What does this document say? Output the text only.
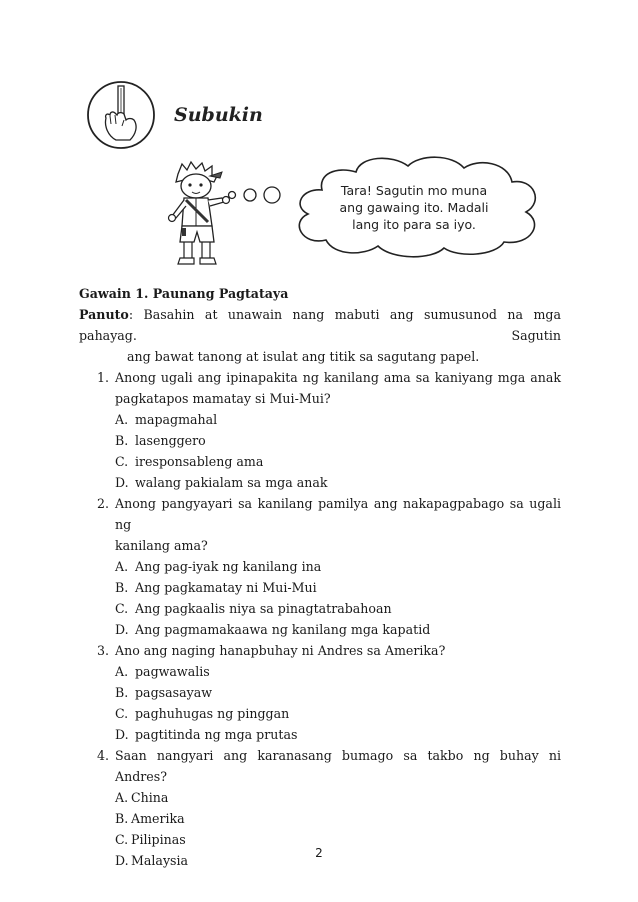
Subukin
Tara! Sagutin mo muna
ang gawaing ito. Madali
lang ito para sa iyo.

Gawain 1. Paunang Pagtataya

Panuto: Basahin at unawain nang mabuti ang sumusunod na mga pahayag. Sagutin
ang bawat tanong at isulat ang titik sa sagutang papel.
1. Anong ugali ang ipinapakita ng kanilang ama sa kaniyang mga anak
pagkatapos mamatay si Mui-Mui?
A. mapagmahal
B. lasenggero
C. iresponsableng ama
D. walang pakialam sa mga anak
2. Anong pangyayari sa kanilang pamilya ang nakapagpabago sa ugali ng
kanilang ama?
A. Ang pag-iyak ng kanilang ina
B. Ang pagkamatay ni Mui-Mui
C. Ang pagkaalis niya sa pinagtatrabahoan
D. Ang pagmamakaawa ng kanilang mga kapatid
3. Ano ang naging hanapbuhay ni Andres sa Amerika?
A. pagwawalis
B. pagsasayaw
C. paghuhugas ng pinggan
D. pagtitinda ng mga prutas
4. Saan nangyari ang karanasang bumago sa takbo ng buhay ni Andres?
A. China
B. Amerika
C. Pilipinas
D. Malaysia	2
